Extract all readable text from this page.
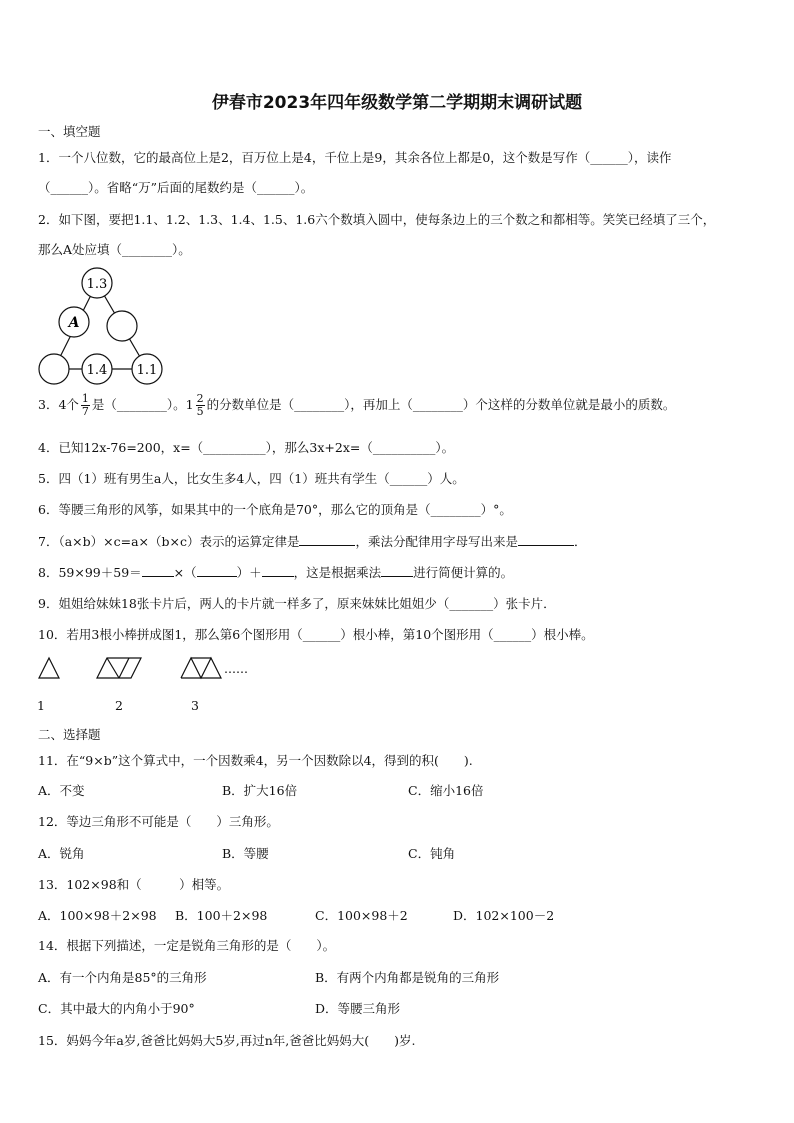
伊春市2023年四年级数学第二学期期末调研试题
一、填空题
1．一个八位数，它的最高位上是2，百万位上是4，千位上是9，其余各位上都是0，这个数是写作（______），读作
（______）。省略“万”后面的尾数约是（______）。
2．如下图，要把1.1、1.2、1.3、1.4、1.5、1.6六个数填入圆中，使每条边上的三个数之和都相等。笑笑已经填了三个，
那么A处应填（________）。
1.3
A
1.4 1.1
3．4个 $\frac{1}{7}$ 是（________）。$1 \frac{2}{5}$ 的分数单位是（________），再加上（________）个这样的分数单位就是最小的质数。
4．已知12x-76=200，x=（__________），那么3x+2x=（__________）。
5．四（1）班有男生a人，比女生多4人，四（1）班共有学生（______）人。
6．等腰三角形的风筝，如果其中的一个底角是70°，那么它的顶角是（________）°。
7．（a×b）×c=a×（b×c）表示的运算定律是	，乘法分配律用字母写出来是	．
8．59×99＋59＝	×（	）＋	，这是根据乘法	进行简便计算的。
9．姐姐给妹妹18张卡片后，两人的卡片就一样多了，原来妹妹比姐姐少（_______）张卡片．
10．若用3根小棒拼成图1，那么第6个图形用（______）根小棒，第10个图形用（______）根小棒。
……
1	2	3
二、选择题
11．在“9×b”这个算式中，一个因数乘4，另一个因数除以4，得到的积(　　).
A．不变	B．扩大16倍	C．缩小16倍
12．等边三角形不可能是（　　）三角形。
A．锐角	B．等腰	C．钝角
13．102×98和（　　　）相等。
A．100×98＋2×98 B．100＋2×98	C．100×98＋2	D．102×100－2
14．根据下列描述，一定是锐角三角形的是（　　）。
A．有一个内角是85°的三角形	B．有两个内角都是锐角的三角形
C．其中最大的内角小于90°	D．等腰三角形
15．妈妈今年a岁,爸爸比妈妈大5岁,再过n年,爸爸比妈妈大(　　)岁.
